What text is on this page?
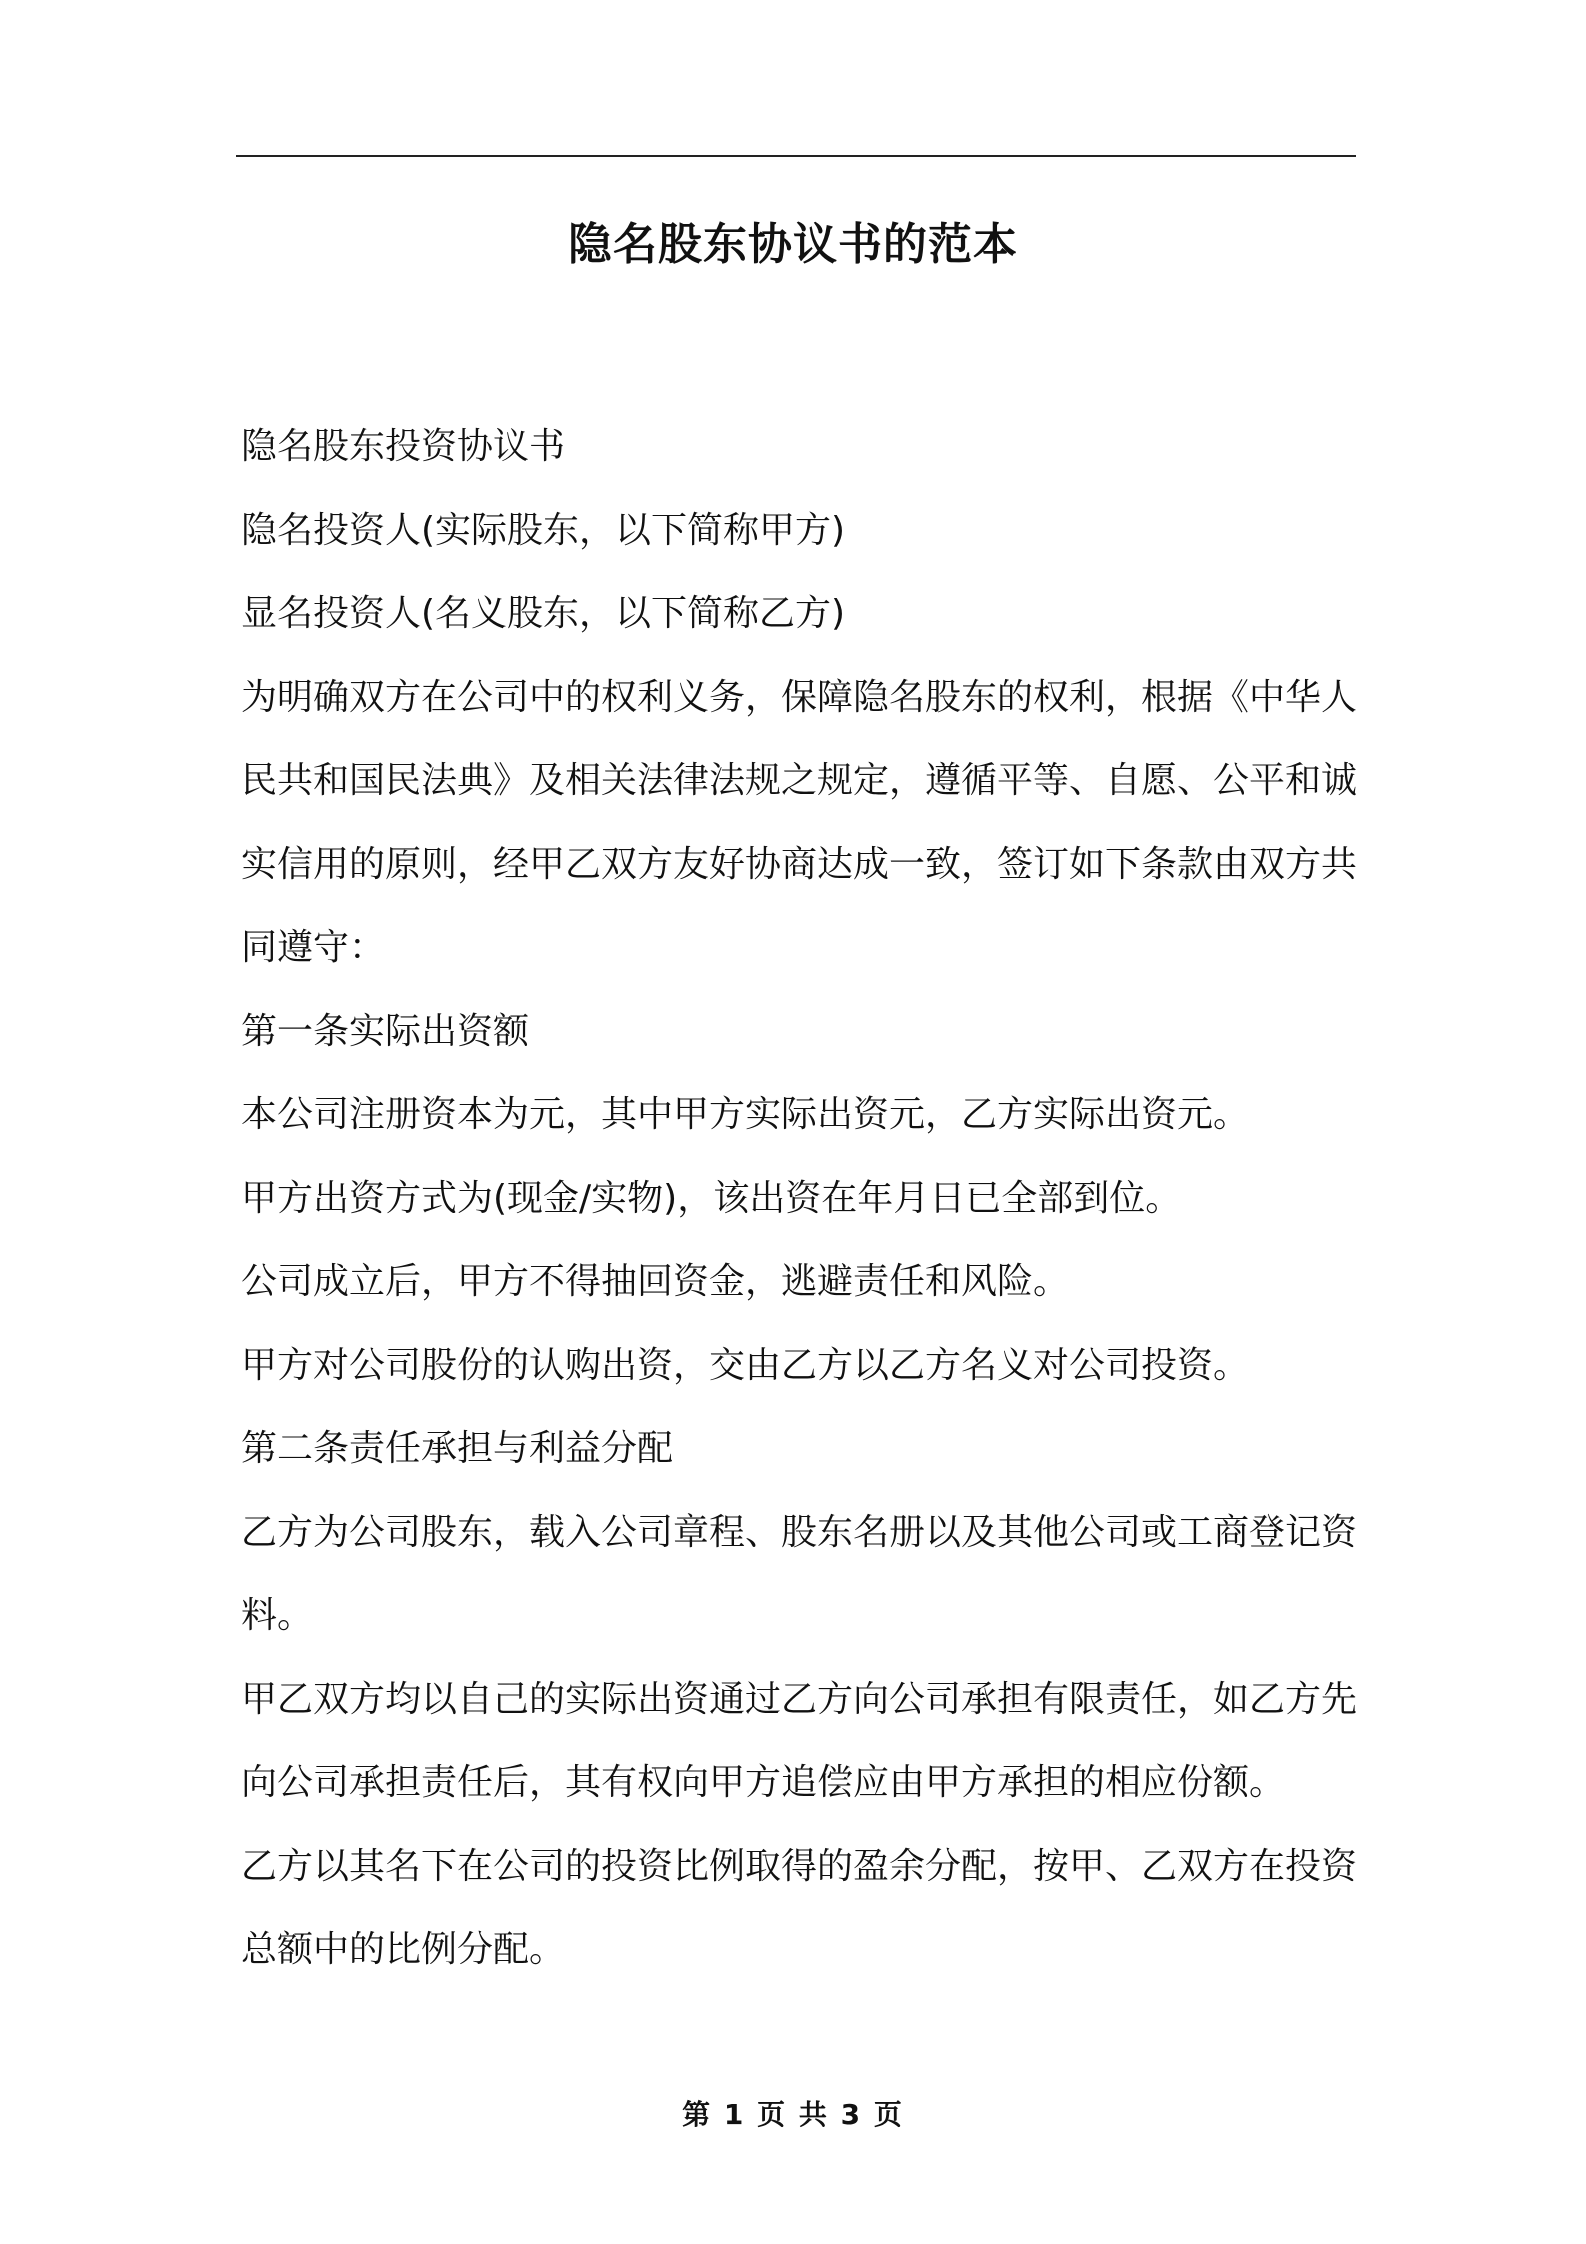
隐名股东协议书的范本

隐名股东投资协议书

隐名投资人(实际股东，以下简称甲方)

显名投资人(名义股东，以下简称乙方)

为明确双方在公司中的权利义务，保障隐名股东的权利，根据《中华人民共和国民法典》及相关法律法规之规定，遵循平等、自愿、公平和诚实信用的原则，经甲乙双方友好协商达成一致，签订如下条款由双方共同遵守：

第一条实际出资额

本公司注册资本为元，其中甲方实际出资元，乙方实际出资元。

甲方出资方式为(现金/实物)，该出资在年月日已全部到位。

公司成立后，甲方不得抽回资金，逃避责任和风险。

甲方对公司股份的认购出资，交由乙方以乙方名义对公司投资。

第二条责任承担与利益分配

乙方为公司股东，载入公司章程、股东名册以及其他公司或工商登记资料。

甲乙双方均以自己的实际出资通过乙方向公司承担有限责任，如乙方先向公司承担责任后，其有权向甲方追偿应由甲方承担的相应份额。

乙方以其名下在公司的投资比例取得的盈余分配，按甲、乙双方在投资总额中的比例分配。

第 1 页 共 3 页
